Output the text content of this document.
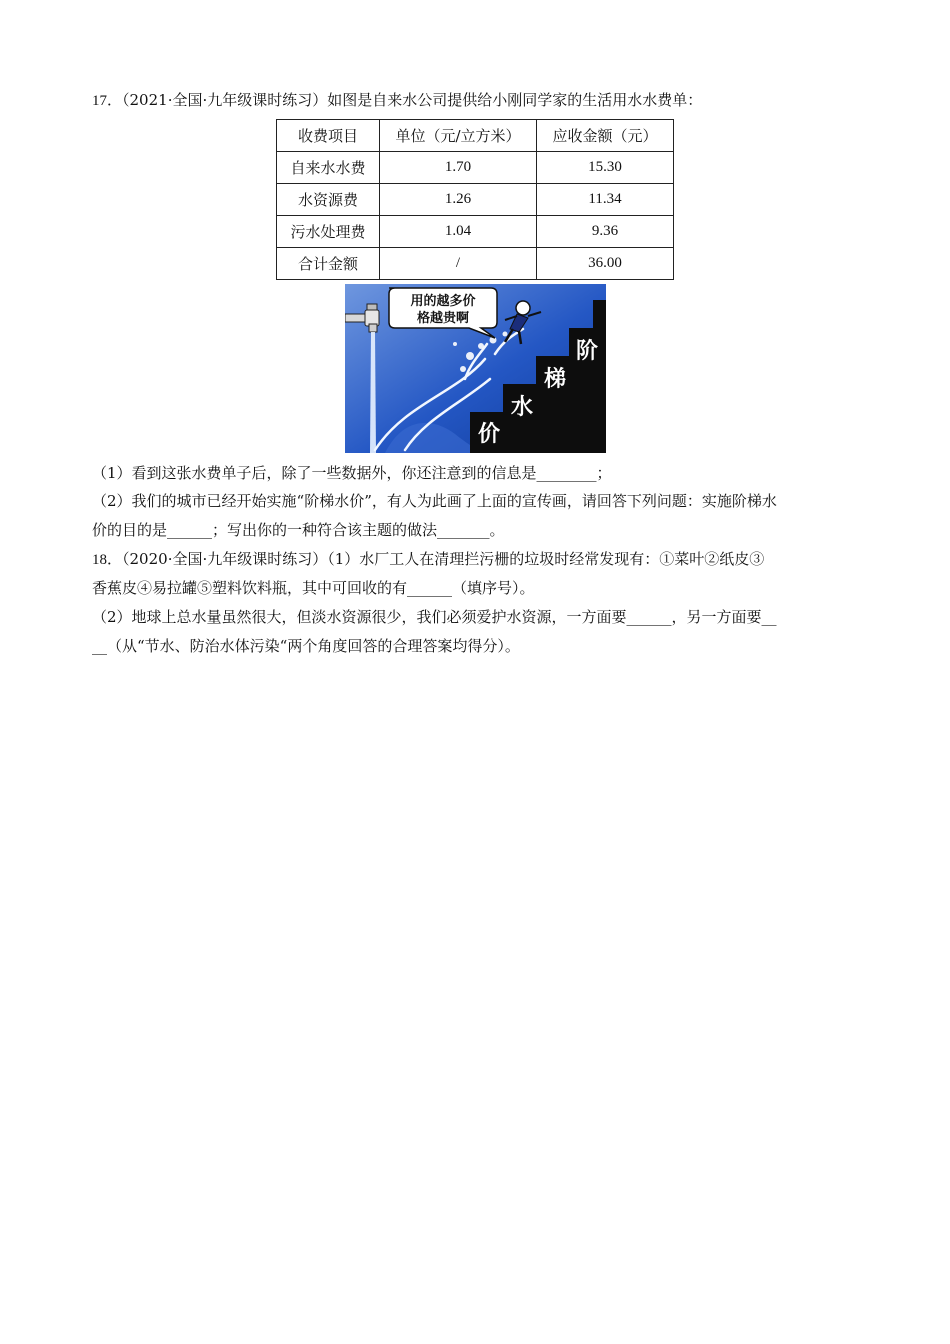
17．（2021·全国·九年级课时练习）如图是自来水公司提供给小刚同学家的生活用水水费单：
收费项目	单位（元/立方米）	应收金额（元）
自来水水费	1.70	15.30
水资源费	1.26	11.34
污水处理费	1.04	9.36
合计金额	/	36.00
价
水
梯
阶
用的越多价
格越贵啊
（1）看到这张水费单子后，除了一些数据外，你还注意到的信息是________；
（2）我们的城市已经开始实施“阶梯水价”，有人为此画了上面的宣传画，请回答下列问题：实施阶梯水
价的目的是______；写出你的一种符合该主题的做法_______。
18．（2020·全国·九年级课时练习）（1）水厂工人在清理拦污栅的垃圾时经常发现有：①菜叶②纸皮③
香蕉皮④易拉罐⑤塑料饮料瓶，其中可回收的有______（填序号）。
（2）地球上总水量虽然很大，但淡水资源很少，我们必须爱护水资源，一方面要______，另一方面要__
__（从“节水、防治水体污染“两个角度回答的合理答案均得分）。
